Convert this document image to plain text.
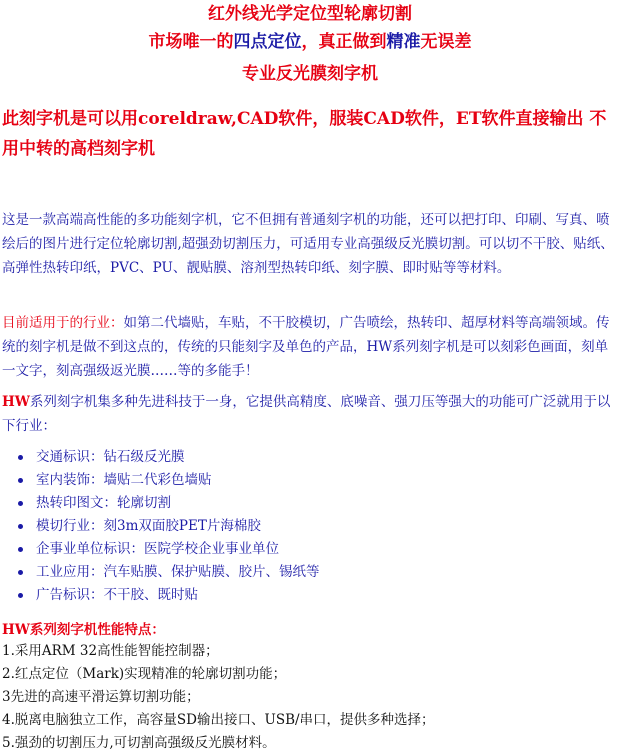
红外线光学定位型轮廓切割
市场唯一的四点定位，真正做到精准无误差
专业反光膜刻字机
此刻字机是可以用coreldraw,CAD软件，服装CAD软件，ET软件直接输出 不用中转的高档刻字机
这是一款高端高性能的多功能刻字机，它不但拥有普通刻字机的功能，还可以把打印、印刷、写真、喷绘后的图片进行定位轮廓切割,超强劲切割压力，可适用专业高强级反光膜切割。可以切不干胶、贴纸、高弹性热转印纸，PVC、PU、靓贴膜、溶剂型热转印纸、刻字膜、即时贴等等材料。
目前适用于的行业：如第二代墙贴，车贴，不干胶模切，广告喷绘，热转印、超厚材料等高端领域。传统的刻字机是做不到这点的，传统的只能刻字及单色的产品，HW系列刻字机是可以刻彩色画面，刻单一文字，刻高强级返光膜……等的多能手！
HW系列刻字机集多种先进科技于一身，它提供高精度、底噪音、强刀压等强大的功能可广泛就用于以下行业：
交通标识：钻石级反光膜
室内装饰：墙贴二代彩色墙贴
热转印图文：轮廓切割
模切行业：刻3m双面胶PET片海棉胶
企事业单位标识：医院学校企业事业单位
工业应用：汽车贴膜、保护贴膜、胶片、锡纸等
广告标识：不干胶、既时贴
HW系列刻字机性能特点：
1.采用ARM 32高性能智能控制器；
2.红点定位（Mark)实现精准的轮廓切割功能；
3先进的高速平滑运算切割功能；
4.脱离电脑独立工作，高容量SD输出接口、USB/串口，提供多种选择；
5.强劲的切割压力,可切割高强级反光膜材料。
